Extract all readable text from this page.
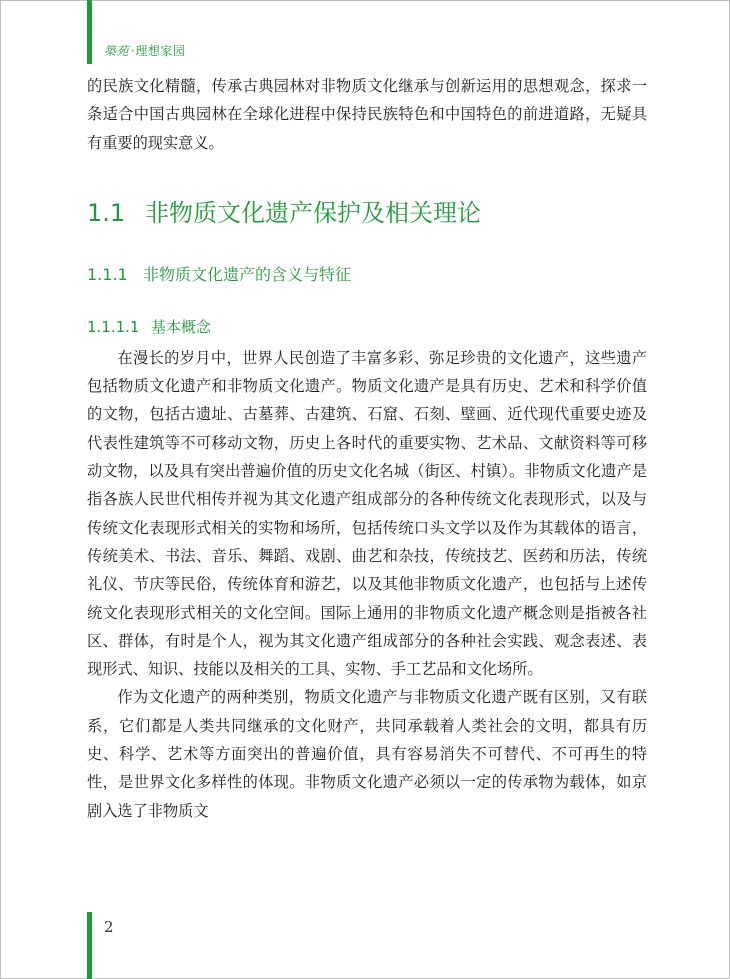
築苑 ·理想家园

的民族文化精髓，传承古典园林对非物质文化继承与创新运用的思想观念，探求一条适合中国古典园林在全球化进程中保持民族特色和中国特色的前进道路，无疑具有重要的现实意义。

1.1 非物质文化遗产保护及相关理论
1.1.1 非物质文化遗产的含义与特征
1.1.1.1 基本概念

在漫长的岁月中，世界人民创造了丰富多彩、弥足珍贵的文化遗产，这些遗产包括物质文化遗产和非物质文化遗产。物质文化遗产是具有历史、艺术和科学价值的文物，包括古遗址、古墓葬、古建筑、石窟、石刻、壁画、近代现代重要史迹及代表性建筑等不可移动文物，历史上各时代的重要实物、艺术品、文献资料等可移动文物，以及具有突出普遍价值的历史文化名城（街区、村镇）。非物质文化遗产是指各族人民世代相传并视为其文化遗产组成部分的各种传统文化表现形式，以及与传统文化表现形式相关的实物和场所，包括传统口头文学以及作为其载体的语言，传统美术、书法、音乐、舞蹈、戏剧、曲艺和杂技，传统技艺、医药和历法，传统礼仪、节庆等民俗，传统体育和游艺，以及其他非物质文化遗产，也包括与上述传统文化表现形式相关的文化空间。国际上通用的非物质文化遗产概念则是指被各社区、群体，有时是个人，视为其文化遗产组成部分的各种社会实践、观念表述、表现形式、知识、技能以及相关的工具、实物、手工艺品和文化场所。

作为文化遗产的两种类别，物质文化遗产与非物质文化遗产既有区别，又有联系，它们都是人类共同继承的文化财产，共同承载着人类社会的文明，都具有历史、科学、艺术等方面突出的普遍价值，具有容易消失不可替代、不可再生的特性，是世界文化多样性的体现。非物质文化遗产必须以一定的传承物为载体，如京剧入选了非物质文

2
